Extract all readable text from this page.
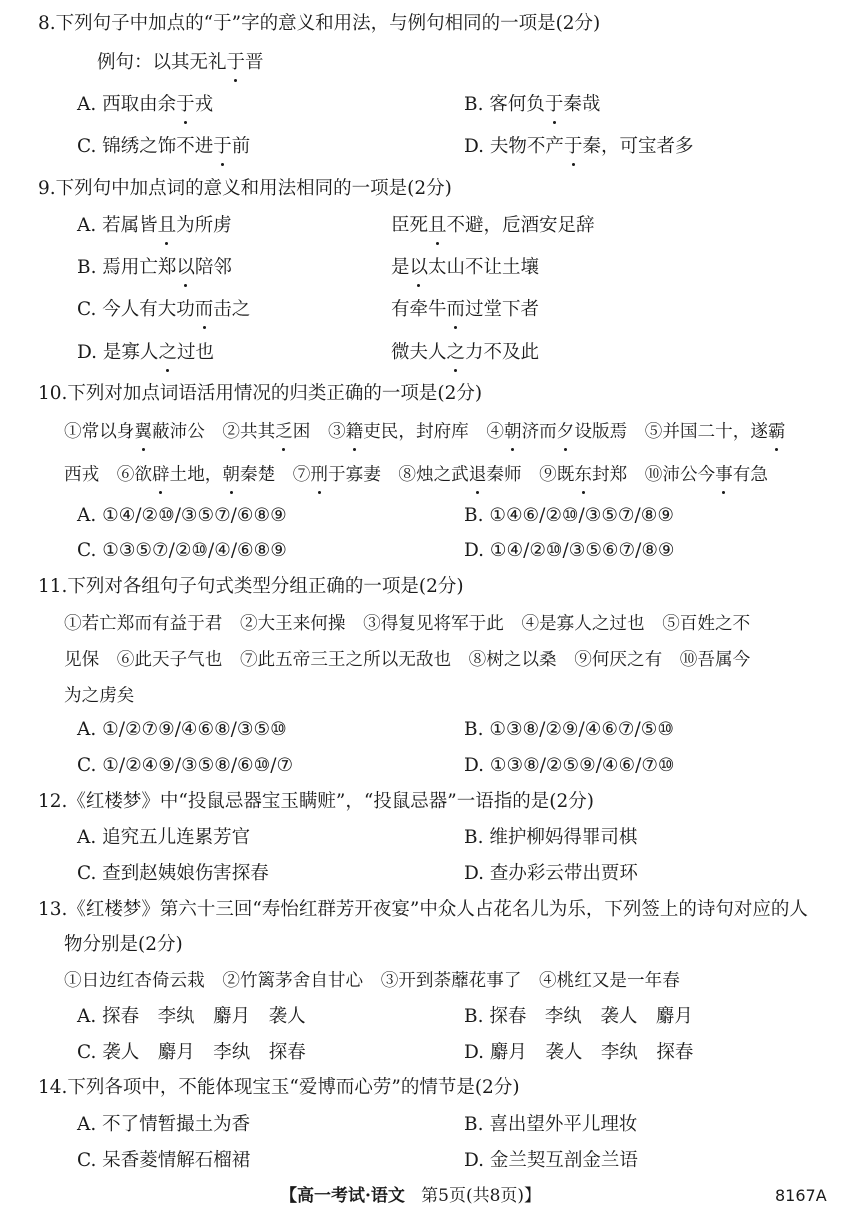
8.下列句子中加点的“于”字的意义和用法，与例句相同的一项是(2分)
例句：以其无礼于晋
A. 西取由余于戎	B. 客何负于秦哉
C. 锦绣之饰不进于前	D. 夫物不产于秦，可宝者多
9.下列句中加点词的意义和用法相同的一项是(2分)
A. 若属皆且为所虏	臣死且不避，卮酒安足辞
B. 焉用亡郑以陪邻	是以太山不让土壤
C. 今人有大功而击之	有牵牛而过堂下者
D. 是寡人之过也	微夫人之力不及此
10.下列对加点词语活用情况的归类正确的一项是(2分)
①常以身翼蔽沛公　②共其乏困　③籍吏民，封府库　④朝济而夕设版焉　⑤并国二十，遂霸
西戎　⑥欲辟土地，朝秦楚　⑦刑于寡妻　⑧烛之武退秦师　⑨既东封郑　⑩沛公今事有急
A. ①④/②⑩/③⑤⑦/⑥⑧⑨	B. ①④⑥/②⑩/③⑤⑦/⑧⑨
C. ①③⑤⑦/②⑩/④/⑥⑧⑨	D. ①④/②⑩/③⑤⑥⑦/⑧⑨
11.下列对各组句子句式类型分组正确的一项是(2分)
①若亡郑而有益于君　②大王来何操　③得复见将军于此　④是寡人之过也　⑤百姓之不
见保　⑥此天子气也　⑦此五帝三王之所以无敌也　⑧树之以桑　⑨何厌之有　⑩吾属今
为之虏矣
A. ①/②⑦⑨/④⑥⑧/③⑤⑩	B. ①③⑧/②⑨/④⑥⑦/⑤⑩
C. ①/②④⑨/③⑤⑧/⑥⑩/⑦	D. ①③⑧/②⑤⑨/④⑥/⑦⑩
12.《红楼梦》中“投鼠忌器宝玉瞒赃”，“投鼠忌器”一语指的是(2分)
A. 追究五儿连累芳官	B. 维护柳妈得罪司棋
C. 查到赵姨娘伤害探春	D. 查办彩云带出贾环
13.《红楼梦》第六十三回“寿怡红群芳开夜宴”中众人占花名儿为乐，下列签上的诗句对应的人
物分别是(2分)
①日边红杏倚云栽　②竹篱茅舍自甘心　③开到荼蘼花事了　④桃红又是一年春
A. 探春　李纨　麝月　袭人	B. 探春　李纨　袭人　麝月
C. 袭人　麝月　李纨　探春	D. 麝月　袭人　李纨　探春
14.下列各项中，不能体现宝玉“爱博而心劳”的情节是(2分)
A. 不了情暂撮土为香	B. 喜出望外平儿理妆
C. 呆香菱情解石榴裙	D. 金兰契互剖金兰语
【高一考试·语文 第5页(共8页)】	8167A
